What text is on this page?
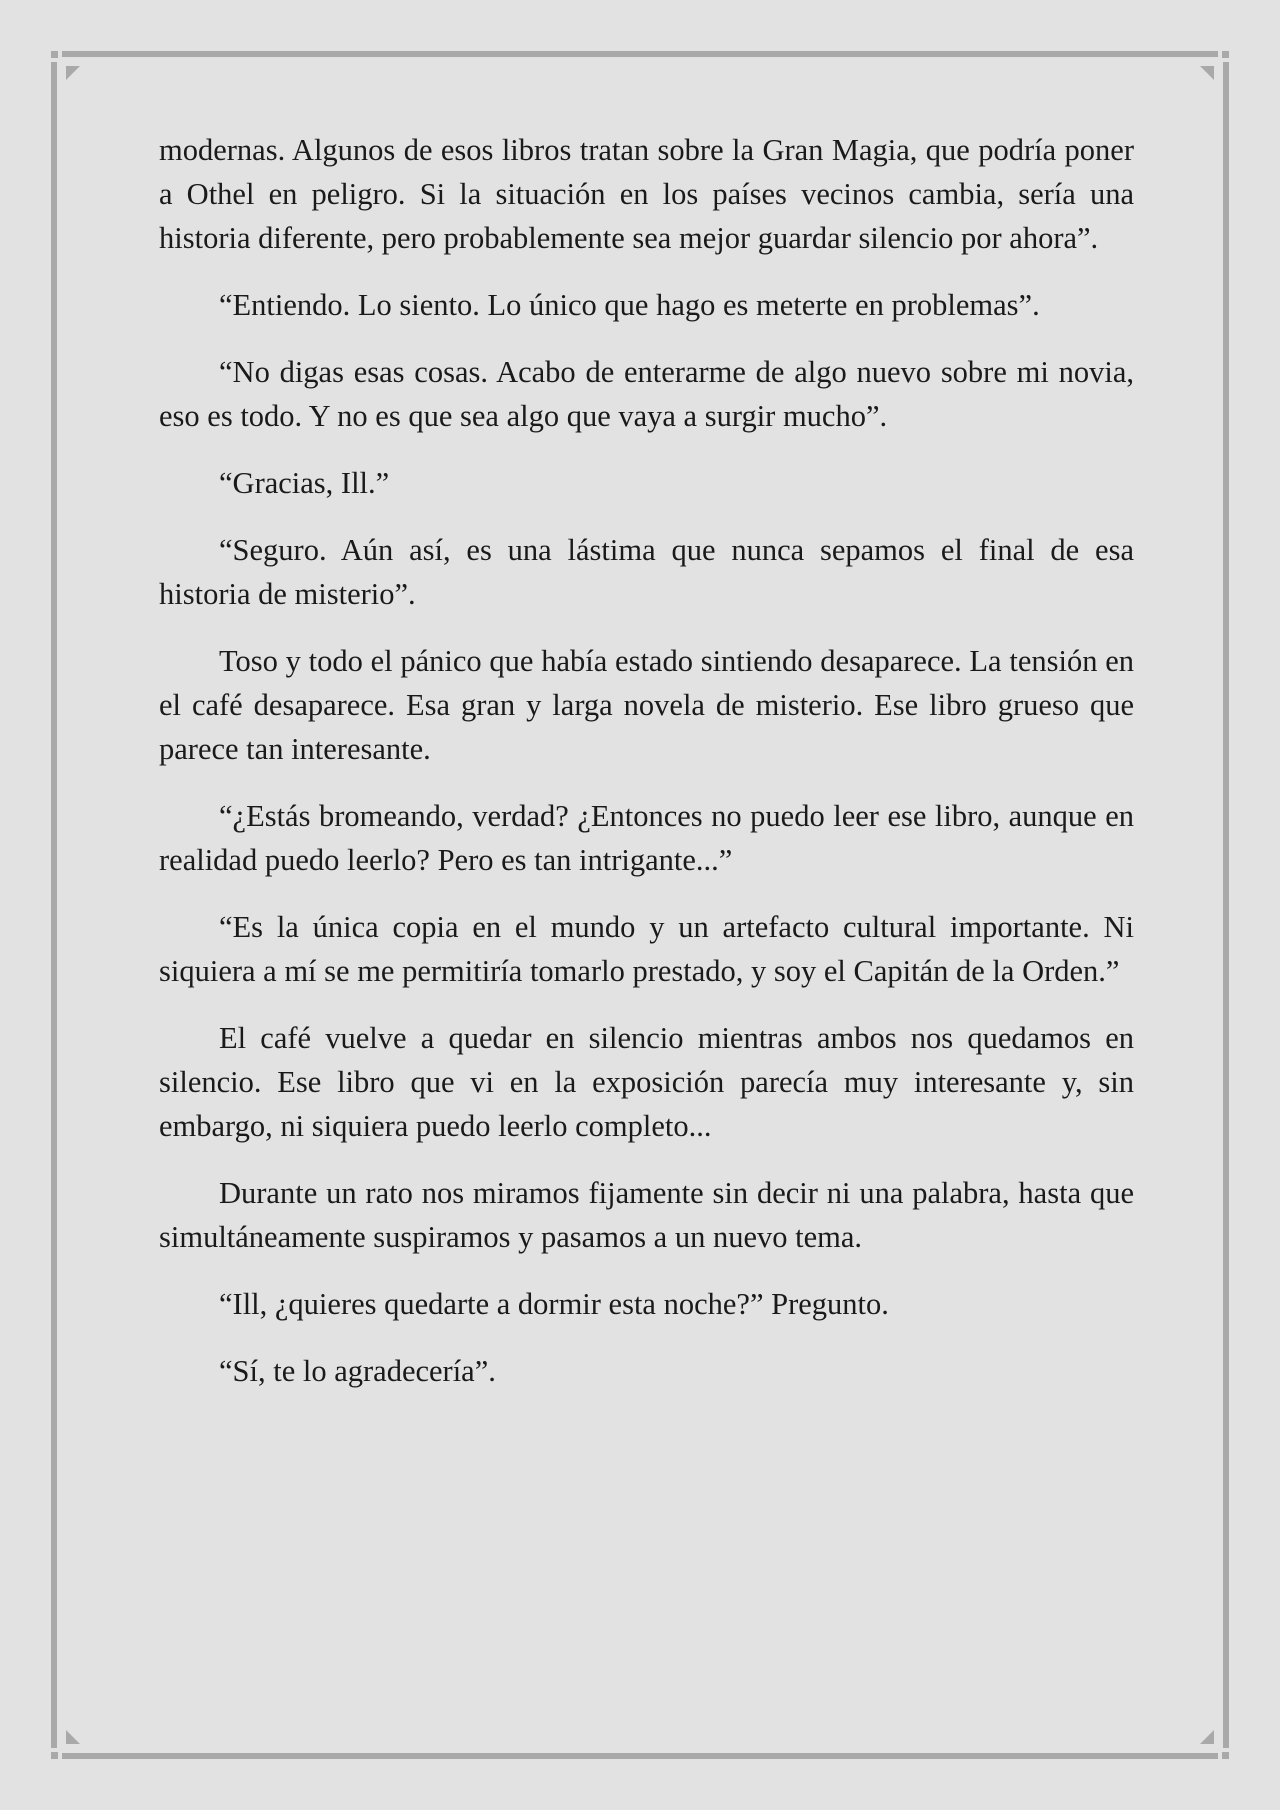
modernas. Algunos de esos libros tratan sobre la Gran Magia, que podría poner a Othel en peligro. Si la situación en los países vecinos cambia, sería una historia diferente, pero probablemente sea mejor guardar silencio por ahora”.

“Entiendo. Lo siento. Lo único que hago es meterte en problemas”.

“No digas esas cosas. Acabo de enterarme de algo nuevo sobre mi novia, eso es todo. Y no es que sea algo que vaya a surgir mucho”.

“Gracias, Ill.”

“Seguro. Aún así, es una lástima que nunca sepamos el final de esa historia de misterio”.

Toso y todo el pánico que había estado sintiendo desaparece. La tensión en el café desaparece. Esa gran y larga novela de misterio. Ese libro grueso que parece tan interesante.

“¿Estás bromeando, verdad? ¿Entonces no puedo leer ese libro, aunque en realidad puedo leerlo? Pero es tan intrigante...”

“Es la única copia en el mundo y un artefacto cultural importante. Ni siquiera a mí se me permitiría tomarlo prestado, y soy el Capitán de la Orden.”

El café vuelve a quedar en silencio mientras ambos nos quedamos en silencio. Ese libro que vi en la exposición parecía muy interesante y, sin embargo, ni siquiera puedo leerlo completo...

Durante un rato nos miramos fijamente sin decir ni una palabra, hasta que simultáneamente suspiramos y pasamos a un nuevo tema.

“Ill, ¿quieres quedarte a dormir esta noche?” Pregunto.

“Sí, te lo agradecería”.
